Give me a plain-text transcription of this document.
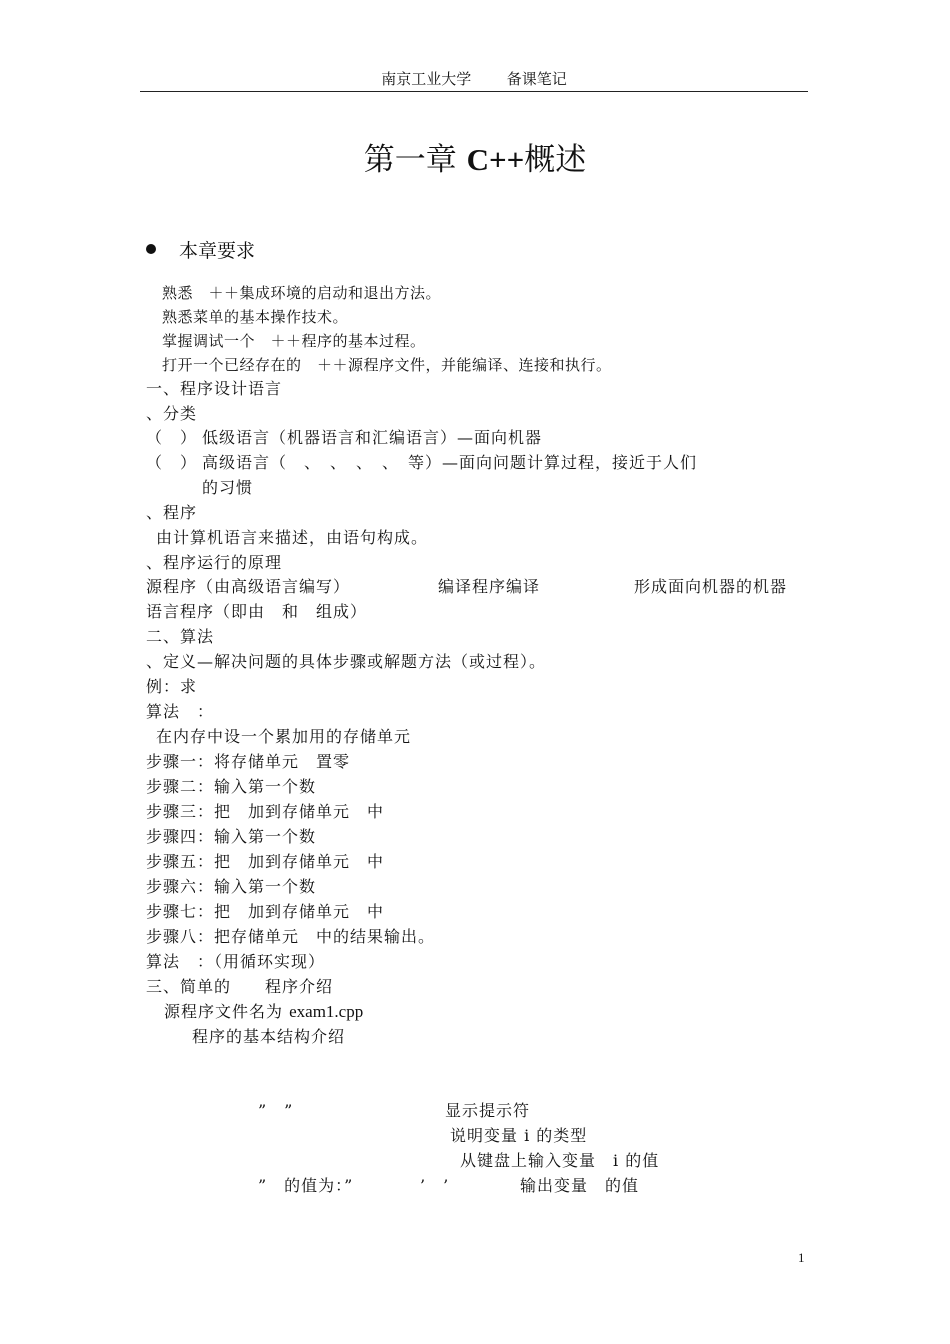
南京工业大学 备课笔记
第一章 C++概述
本章要求
熟悉　＋＋集成环境的启动和退出方法。
熟悉菜单的基本操作技术。
掌握调试一个　＋＋程序的基本过程。
打开一个已经存在的　＋＋源程序文件，并能编译、连接和执行。
一、程序设计语言
、分类
（　） 低级语言（机器语言和汇编语言）—面向机器
（　） 高级语言（　、　、　、　、　等）—面向问题计算过程，接近于人们
的习惯
、程序
由计算机语言来描述，由语句构成。
、程序运行的原理
源程序（由高级语言编写）	编译程序编译	形成面向机器的机器
语言程序（即由　和　组成）
二、算法
、定义—解决问题的具体步骤或解题方法（或过程）。
例：求
算法　：
在内存中设一个累加用的存储单元
步骤一：将存储单元　置零
步骤二：输入第一个数
步骤三：把　加到存储单元　中
步骤四：输入第一个数
步骤五：把　加到存储单元　中
步骤六：输入第一个数
步骤七：把　加到存储单元　中
步骤八：把存储单元　中的结果输出。
算法　：（用循环实现）
三、简单的　　程序介绍
源程序文件名为 exam1.cpp
程序的基本结构介绍
”　”	显示提示符
说明变量 i 的类型
从键盘上输入变量　i 的值
”　的值为：”	’　’	输出变量　的值
1
